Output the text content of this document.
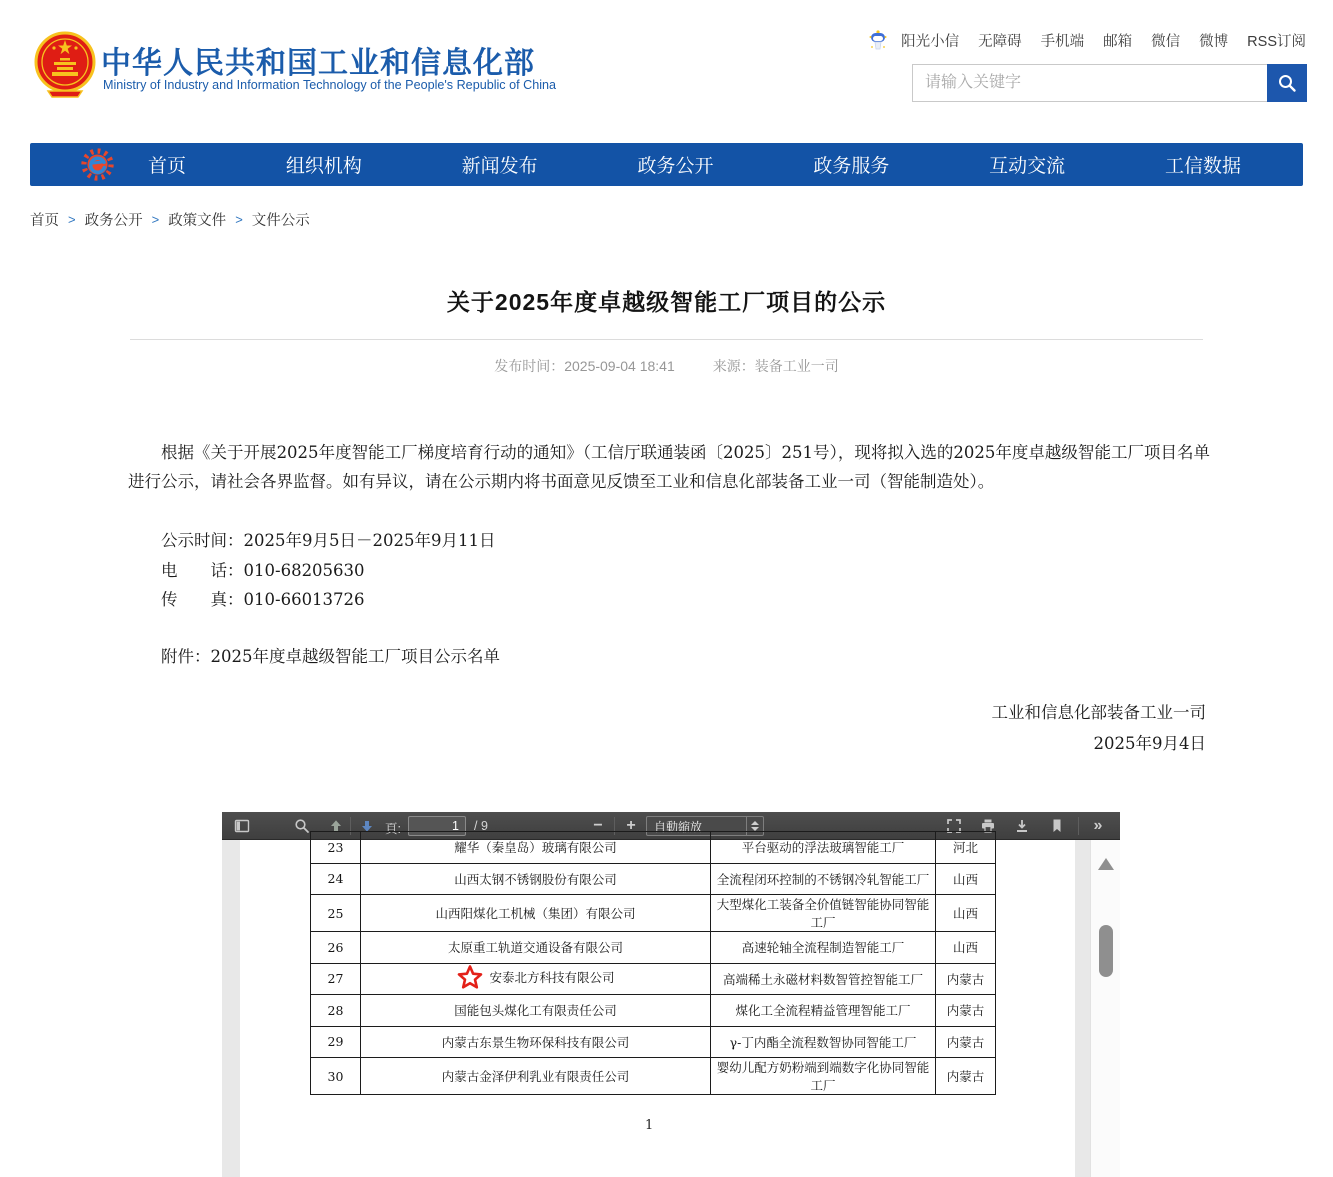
中华人民共和国工业和信息化部
Ministry of Industry and Information Technology of the People's Republic of China
阳光小信 无障碍 手机端 邮箱 微信 微博 RSS订阅
请输入关键字
首页	组织机构	新闻发布	政务公开	政务服务	互动交流	工信数据
首页 > 政务公开 > 政策文件 > 文件公示
关于2025年度卓越级智能工厂项目的公示
发布时间：2025-09-04 18:41	来源：装备工业一司

根据《关于开展2025年度智能工厂梯度培育行动的通知》（工信厅联通装函〔2025〕251号），现将拟入选的2025年度卓越级智能工厂项目名单进行公示，请社会各界监督。如有异议，请在公示期内将书面意见反馈至工业和信息化部装备工业一司（智能制造处）。

公示时间：2025年9月5日－2025年9月11日
电　　话：010-68205630
传　　真：010-66013726
附件：2025年度卓越级智能工厂项目公示名单
工业和信息化部装备工业一司
2025年9月4日
頁:
1	/ 9	− +	自動縮放	»
23	耀华（秦皇岛）玻璃有限公司	平台驱动的浮法玻璃智能工厂	河北
24	山西太钢不锈钢股份有限公司	全流程闭环控制的不锈钢冷轧智能工厂	山西
25	山西阳煤化工机械（集团）有限公司	大型煤化工装备全价值链智能协同智能工厂	山西
26	太原重工轨道交通设备有限公司	高速轮轴全流程制造智能工厂	山西
27	安泰北方科技有限公司	高端稀土永磁材料数智管控智能工厂	内蒙古
28	国能包头煤化工有限责任公司	煤化工全流程精益管理智能工厂	内蒙古
29	内蒙古东景生物环保科技有限公司	γ-丁内酯全流程数智协同智能工厂	内蒙古
30	内蒙古金泽伊利乳业有限责任公司	婴幼儿配方奶粉端到端数字化协同智能工厂	内蒙古
1
